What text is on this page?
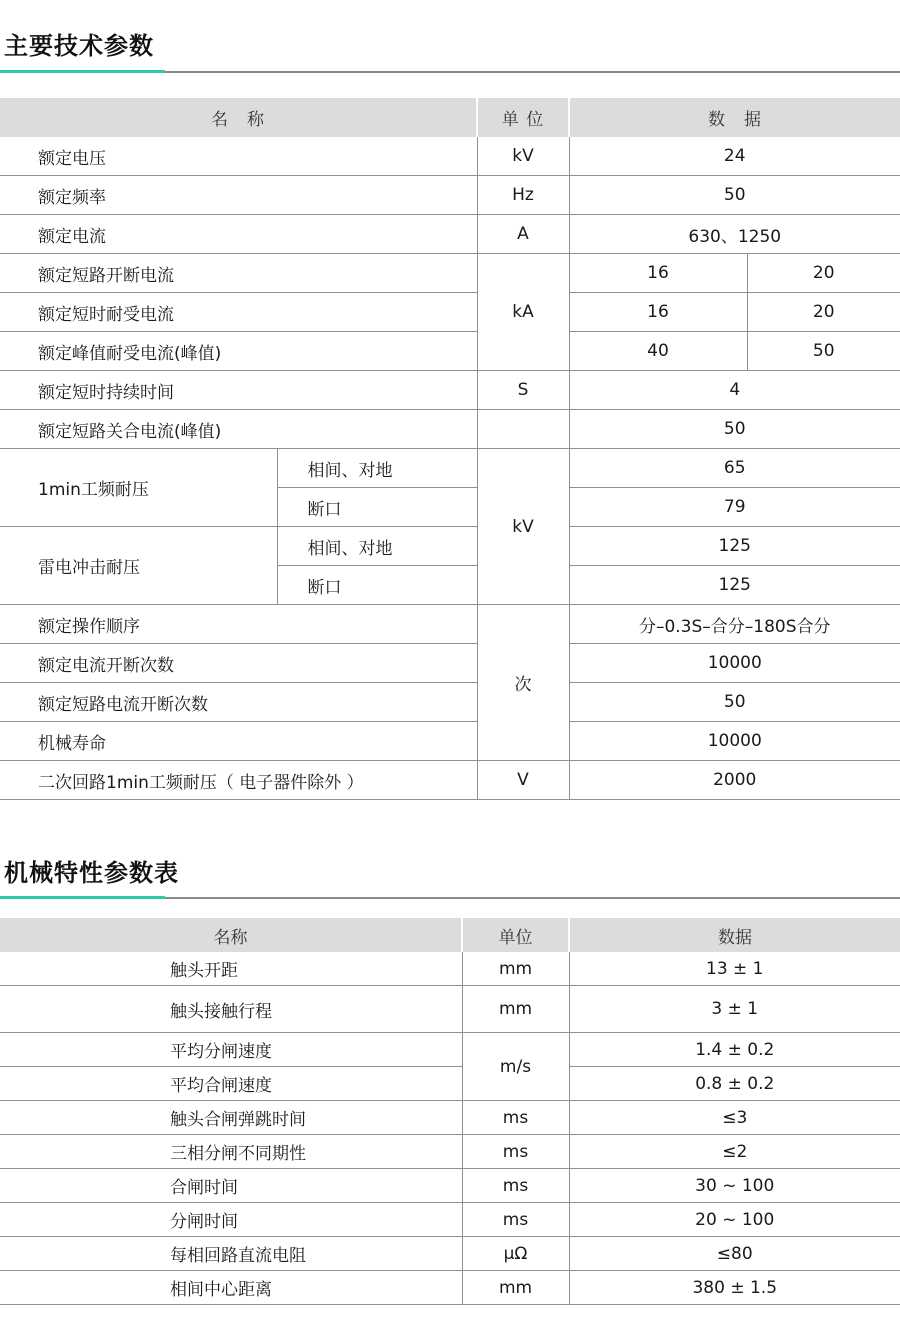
主要技术参数
名　称		单 位	数　据	
额定电压		kV	24	
额定频率		Hz	50	
额定电流		A	630、1250	
额定短路开断电流		kA	16	20
额定短时耐受电流			16	20
额定峰值耐受电流(峰值)			40	50
额定短时持续时间		S	4	
额定短路关合电流(峰值)			50	
1min工频耐压	相间、对地	kV	65	
	断口		79	
雷电冲击耐压	相间、对地		125	
	断口		125	
额定操作顺序		次	分–0.3S–合分–180S合分	
额定电流开断次数			10000	
额定短路电流开断次数			50	
机械寿命			10000	
二次回路1min工频耐压（ 电子器件除外 ）		V	2000	
机械特性参数表
名称	单位	数据
触头开距	mm	13 ± 1
触头接触行程	mm	3 ± 1
平均分闸速度	m/s	1.4 ± 0.2
平均合闸速度		0.8 ± 0.2
触头合闸弹跳时间	ms	≤3
三相分闸不同期性	ms	≤2
合闸时间	ms	30 ~ 100
分闸时间	ms	20 ~ 100
每相回路直流电阻	μΩ	≤80
相间中心距离	mm	380 ± 1.5
